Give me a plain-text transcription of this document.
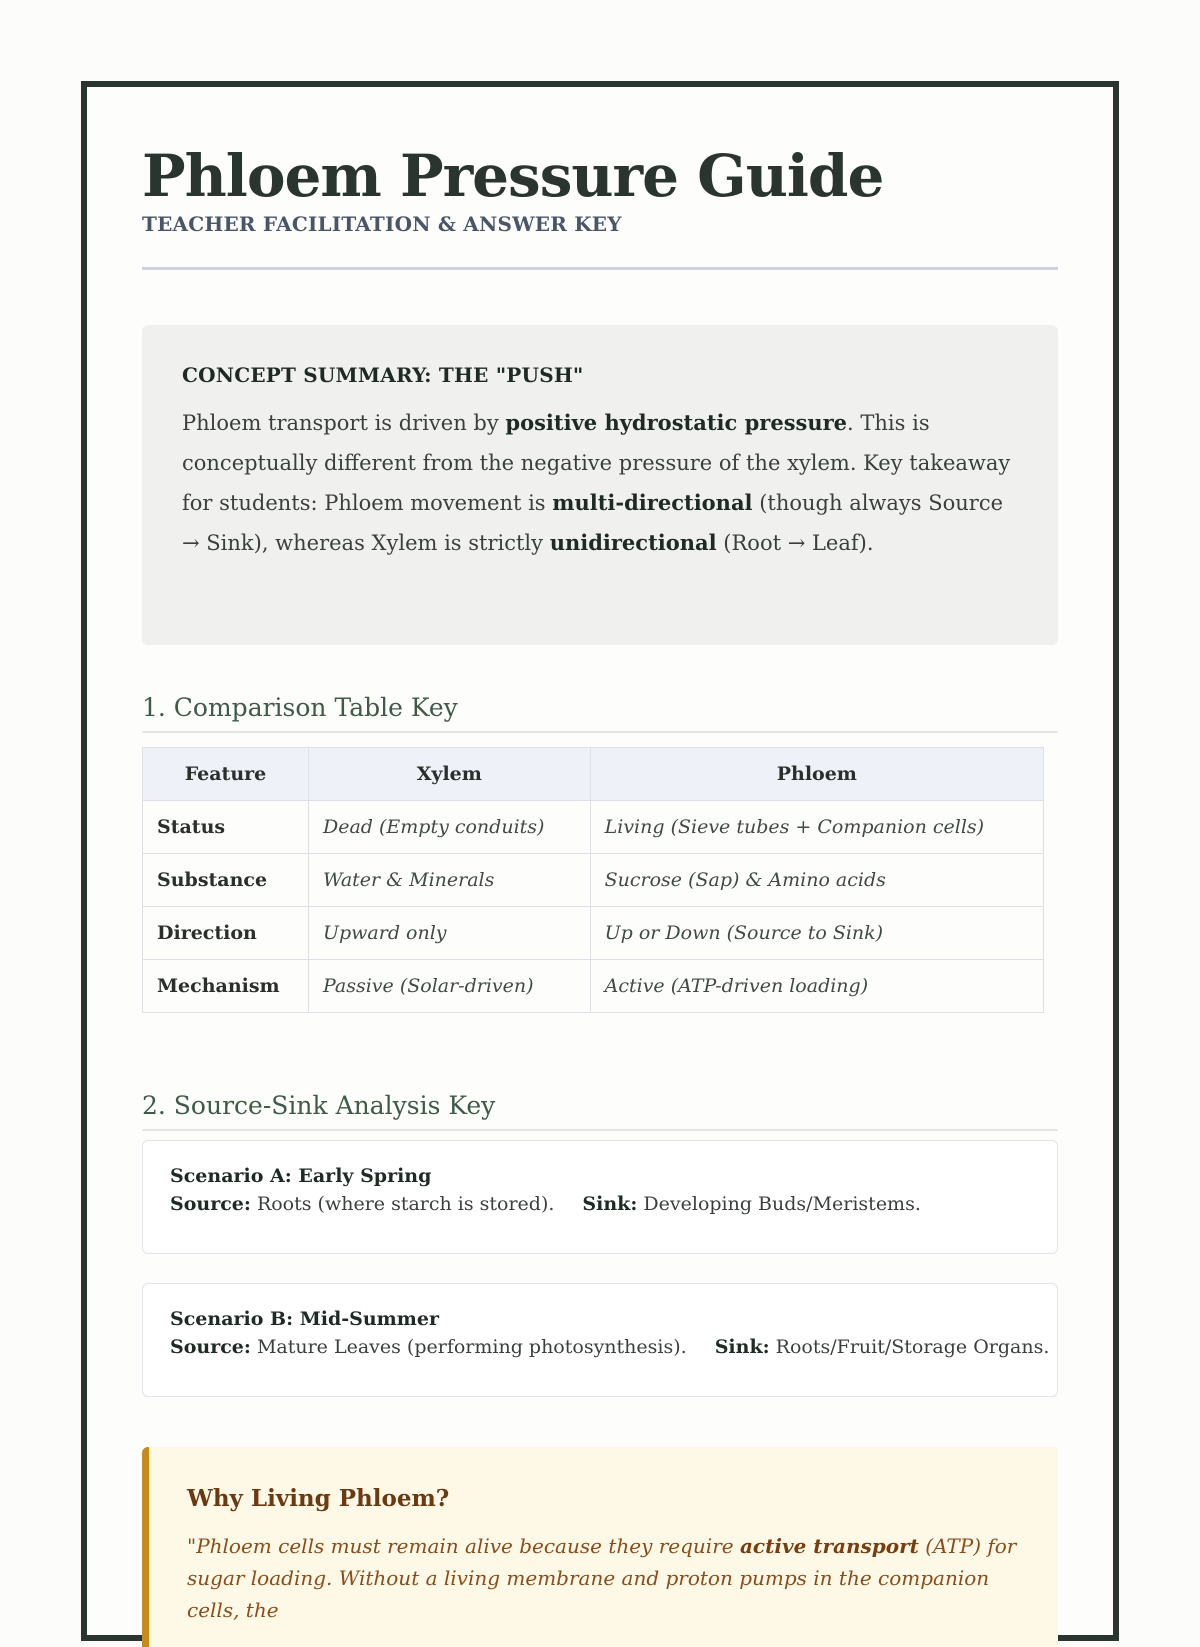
Phloem Pressure Guide
TEACHER FACILITATION & ANSWER KEY
CONCEPT SUMMARY: THE "PUSH"
Phloem transport is driven by positive hydrostatic pressure. This is conceptually different from the negative pressure of the xylem. Key takeaway for students: Phloem movement is multi-directional (though always Source → Sink), whereas Xylem is strictly unidirectional (Root → Leaf).
1. Comparison Table Key
Feature	Xylem	Phloem
Status	Dead (Empty conduits)	Living (Sieve tubes + Companion cells)
Substance	Water & Minerals	Sucrose (Sap) & Amino acids
Direction	Upward only	Up or Down (Source to Sink)
Mechanism	Passive (Solar-driven)	Active (ATP-driven loading)
2. Source-Sink Analysis Key
Scenario A: Early Spring
Source: Roots (where starch is stored). Sink: Developing Buds/Meristems.
Scenario B: Mid-Summer
Source: Mature Leaves (performing photosynthesis). Sink: Roots/Fruit/Storage Organs.
Why Living Phloem?
"Phloem cells must remain alive because they require active transport (ATP) for sugar loading. Without a living membrane and proton pumps in the companion cells, the
